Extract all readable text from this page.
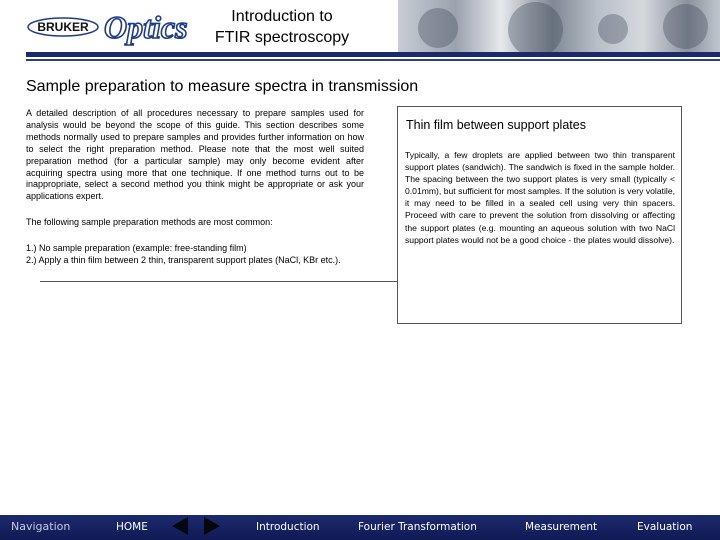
BRUKER Optics	Introduction to
FTIR spectroscopy
Sample preparation to measure spectra in transmission

A detailed description of all procedures necessary to prepare samples used for analysis would be beyond the scope of this guide. This section describes some methods normally used to prepare samples and provides further information on how to select the right preparation method. Please note that the most well suited preparation method (for a particular sample) may only become evident after acquiring spectra using more that one technique. If one method turns out to be inappropriate, select a second method you think might be appropriate or ask your applications expert.

The following sample preparation methods are most common:

1.) No sample preparation (example: free-standing film)
2.) Apply a thin film between 2 thin, transparent support plates (NaCl, KBr etc.).
Thin film between support plates
Typically, a few droplets are applied between two thin transparent support plates (sandwich). The sandwich is fixed in the sample holder. The spacing between the two support plates is very small (typically < 0.01mm), but sufficient for most samples. If the solution is very volatile, it may need to be filled in a sealed cell using very thin spacers. Proceed with care to prevent the solution from dissolving or affecting the support plates (e.g. mounting an aqueous solution with two NaCl support plates would not be a good choice - the plates would dissolve).
Navigation	HOME	Introduction	Fourier Transformation	Measurement	Evaluation
